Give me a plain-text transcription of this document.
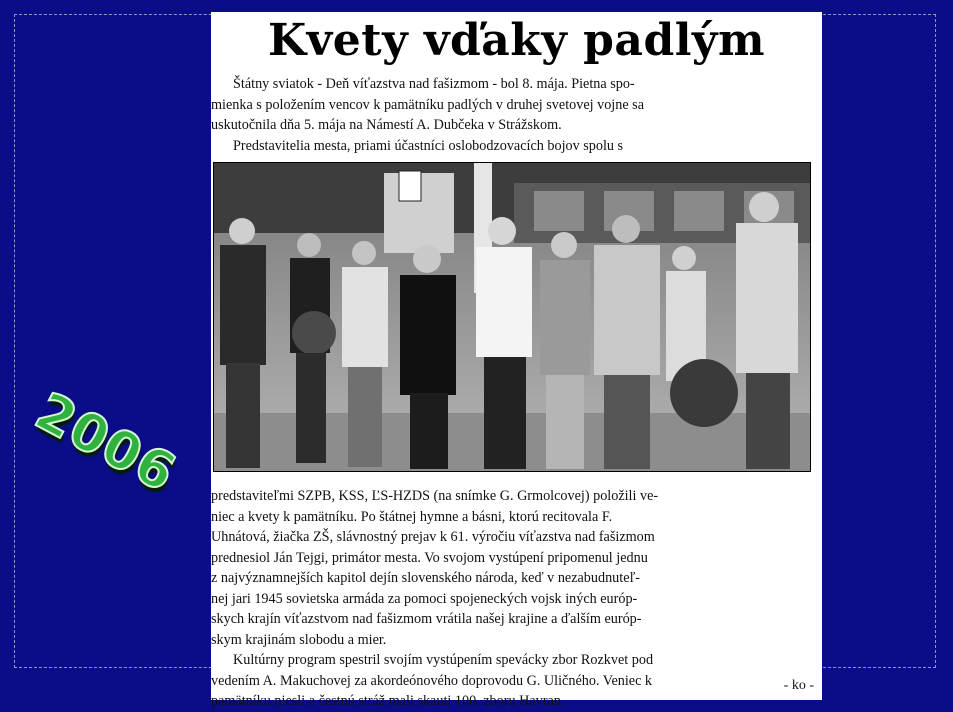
2006
Kvety vďaky padlým
Štátny sviatok - Deň víťazstva nad fašizmom - bol 8. mája. Pietna spo-
mienka s položením vencov k pamätníku padlých v druhej svetovej vojne sa
uskutočnila dňa 5. mája na Námestí A. Dubčeka v Strážskom.
Predstavitelia mesta, priami účastníci oslobodzovacích bojov spolu s
predstaviteľmi SZPB, KSS, ĽS-HZDS (na snímke G. Grmolcovej) položili ve-
niec a kvety k pamätníku. Po štátnej hymne a básni, ktorú recitovala F.
Uhnátová, žiačka ZŠ, slávnostný prejav k 61. výročiu víťazstva nad fašizmom
prednesiol Ján Tejgi, primátor mesta. Vo svojom vystúpení pripomenul jednu
z najvýznamnejších kapitol dejín slovenského národa, keď v nezabudnuteľ-
nej jari 1945 sovietska armáda za pomoci spojeneckých vojsk iných európ-
skych krajín víťazstvom nad fašizmom vrátila našej krajine a ďalším európ-
skym krajinám slobodu a mier.
Kultúrny program spestril svojím vystúpením spevácky zbor Rozkvet pod
vedením A. Makuchovej za akordeónového doprovodu G. Uličného. Veniec k
pamätníku niesli a čestnú stráž mali skauti 100. zboru Havran.
- ko -
